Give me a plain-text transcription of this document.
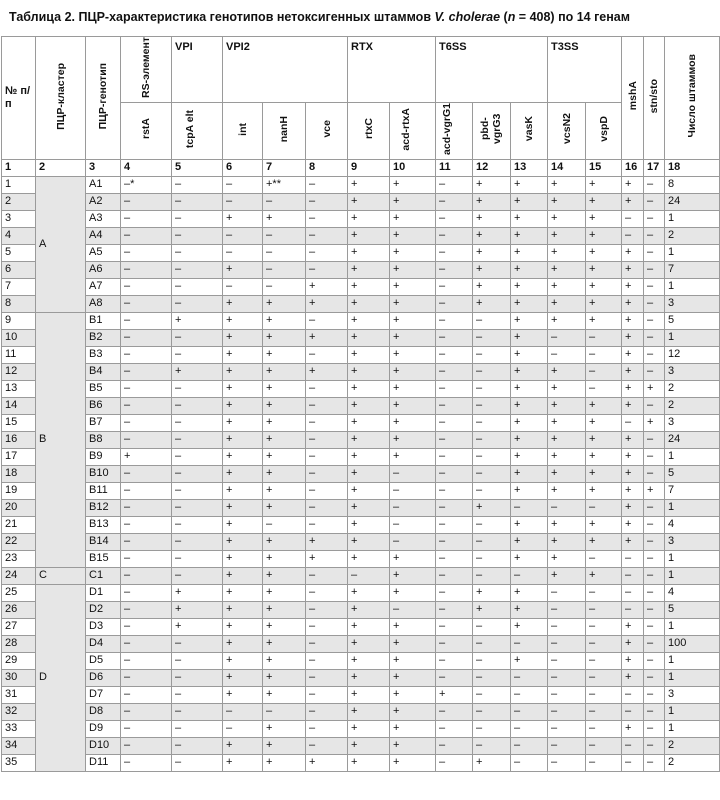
Таблица 2. ПЦР-характеристика генотипов нетоксигенных штаммов V. cholerae (n = 408) по 14 генам
№ п/п	ПЦР-кластер	ПЦР-генотип	RS-элемент	VPI	VPI2			RTX		T6SS			T3SS		mshA	stn/sto	Число штаммов
			rstA	tcpA elt	int	nanH	vce	rtxC	acd-rtxA	acd-vgrG1	pbd-vgrG3	vasK	vcsN2	vspD			
1	2	3	4	5	6	7	8	9	10	11	12	13	14	15	16	17	18
1	A	A1	–*	–	–	+**	–	+	+	–	+	+	+	+	+	–	8
2		A2	–	–	–	–	–	+	+	–	+	+	+	+	+	–	24
3		A3	–	–	+	+	–	+	+	–	+	+	+	+	–	–	1
4		A4	–	–	–	–	–	+	+	–	+	+	+	+	–	–	2
5		A5	–	–	–	–	–	+	+	–	+	+	+	+	+	–	1
6		A6	–	–	+	–	–	+	+	–	+	+	+	+	+	–	7
7		A7	–	–	–	–	+	+	+	–	+	+	+	+	+	–	1
8		A8	–	–	+	+	+	+	+	–	+	+	+	+	+	–	3
9	B	B1	–	+	+	+	–	+	+	–	–	+	+	+	+	–	5
10		B2	–	–	+	+	+	+	+	–	–	+	–	–	+	–	1
11		B3	–	–	+	+	–	+	+	–	–	+	–	–	+	–	12
12		B4	–	+	+	+	+	+	+	–	–	+	+	–	+	–	3
13		B5	–	–	+	+	–	+	+	–	–	+	+	–	+	+	2
14		B6	–	–	+	+	–	+	+	–	–	+	+	+	+	–	2
15		B7	–	–	+	+	–	+	+	–	–	+	+	+	–	+	3
16		B8	–	–	+	+	–	+	+	–	–	+	+	+	+	–	24
17		B9	+	–	+	+	–	+	+	–	–	+	+	+	+	–	1
18		B10	–	–	+	+	–	+	–	–	–	+	+	+	+	–	5
19		B11	–	–	+	+	–	+	–	–	–	+	+	+	+	+	7
20		B12	–	–	+	+	–	+	–	–	+	–	–	–	+	–	1
21		B13	–	–	+	–	–	+	–	–	–	+	+	+	+	–	4
22		B14	–	–	+	+	+	+	–	–	–	+	+	+	+	–	3
23		B15	–	–	+	+	+	+	+	–	–	+	+	–	–	–	1
24	C	C1	–	–	+	+	–	–	+	–	–	–	+	+	–	–	1
25	D	D1	–	+	+	+	–	+	+	–	+	+	–	–	–	–	4
26		D2	–	+	+	+	–	+	–	–	+	+	–	–	–	–	5
27		D3	–	+	+	+	–	+	+	–	–	+	–	–	+	–	1
28		D4	–	–	+	+	–	+	+	–	–	–	–	–	+	–	100
29		D5	–	–	+	+	–	+	+	–	–	+	–	–	+	–	1
30		D6	–	–	+	+	–	+	+	–	–	–	–	–	+	–	1
31		D7	–	–	+	+	–	+	+	+	–	–	–	–	–	–	3
32		D8	–	–	–	–	–	+	+	–	–	–	–	–	–	–	1
33		D9	–	–	–	+	–	+	+	–	–	–	–	–	+	–	1
34		D10	–	–	+	+	–	+	+	–	–	–	–	–	–	–	2
35		D11	–	–	+	+	+	+	+	–	+	–	–	–	–	–	2
